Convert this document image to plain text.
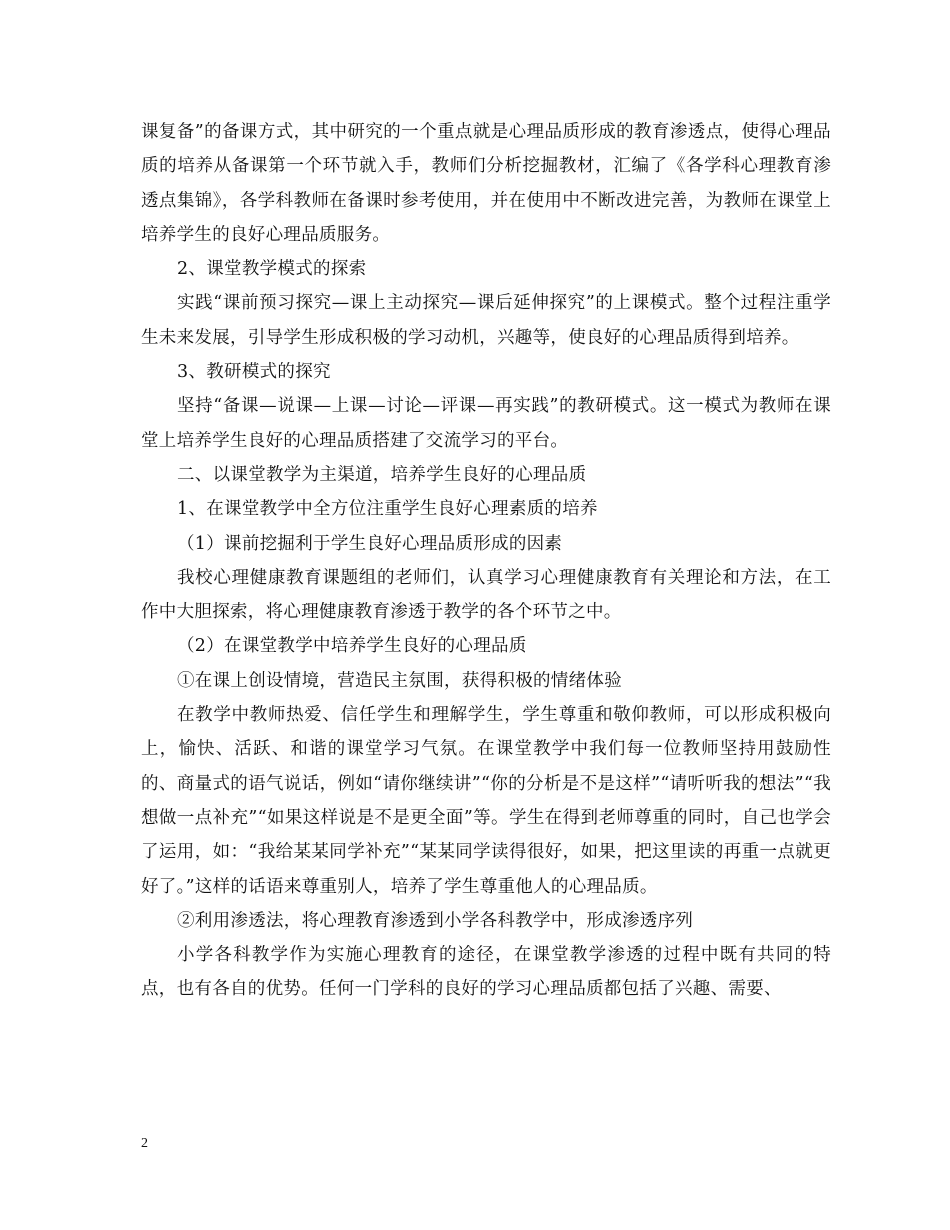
课复备”的备课方式，其中研究的一个重点就是心理品质形成的教育渗透点，使得心理品质的培养从备课第一个环节就入手，教师们分析挖掘教材，汇编了《各学科心理教育渗透点集锦》，各学科教师在备课时参考使用，并在使用中不断改进完善，为教师在课堂上培养学生的良好心理品质服务。

2、课堂教学模式的探索

实践“课前预习探究—课上主动探究—课后延伸探究”的上课模式。整个过程注重学生未来发展，引导学生形成积极的学习动机，兴趣等，使良好的心理品质得到培养。

3、教研模式的探究

坚持“备课—说课—上课—讨论—评课—再实践”的教研模式。这一模式为教师在课堂上培养学生良好的心理品质搭建了交流学习的平台。

二、以课堂教学为主渠道，培养学生良好的心理品质

1、在课堂教学中全方位注重学生良好心理素质的培养

（1）课前挖掘利于学生良好心理品质形成的因素

我校心理健康教育课题组的老师们，认真学习心理健康教育有关理论和方法，在工作中大胆探索，将心理健康教育渗透于教学的各个环节之中。

（2）在课堂教学中培养学生良好的心理品质

①在课上创设情境，营造民主氛围，获得积极的情绪体验

在教学中教师热爱、信任学生和理解学生，学生尊重和敬仰教师，可以形成积极向上，愉快、活跃、和谐的课堂学习气氛。在课堂教学中我们每一位教师坚持用鼓励性的、商量式的语气说话，例如“请你继续讲”“你的分析是不是这样”“请听听我的想法”“我想做一点补充”“如果这样说是不是更全面”等。学生在得到老师尊重的同时，自己也学会了运用，如：“我给某某同学补充”“某某同学读得很好，如果，把这里读的再重一点就更好了。”这样的话语来尊重别人，培养了学生尊重他人的心理品质。

②利用渗透法，将心理教育渗透到小学各科教学中，形成渗透序列

小学各科教学作为实施心理教育的途径，在课堂教学渗透的过程中既有共同的特点，也有各自的优势。任何一门学科的良好的学习心理品质都包括了兴趣、需要、

2
